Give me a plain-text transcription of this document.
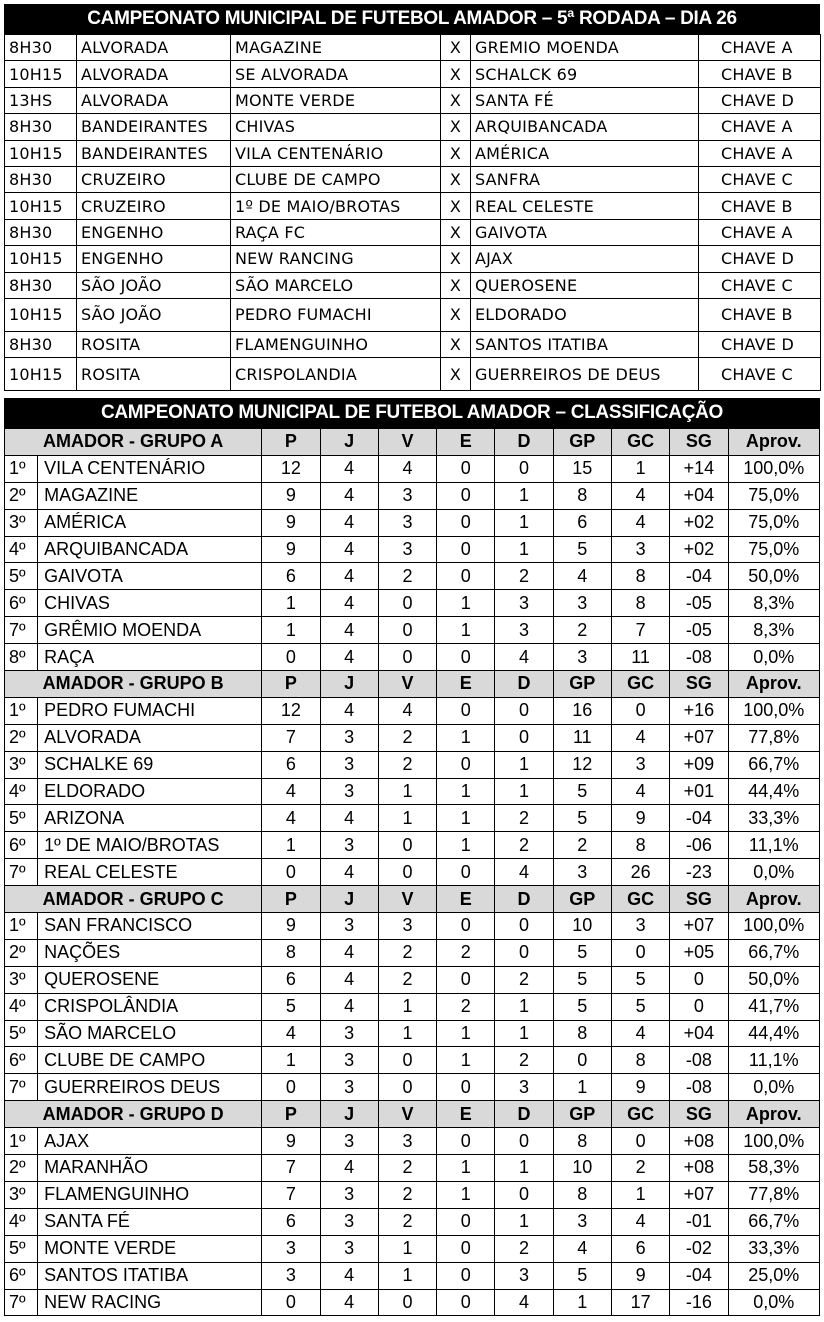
CAMPEONATO MUNICIPAL DE FUTEBOL AMADOR – 5ª RODADA – DIA 26
8H30	ALVORADA	MAGAZINE	X	GREMIO MOENDA	CHAVE A
10H15	ALVORADA	SE ALVORADA	X	SCHALCK 69	CHAVE B
13HS	ALVORADA	MONTE VERDE	X	SANTA FÉ	CHAVE D
8H30	BANDEIRANTES	CHIVAS	X	ARQUIBANCADA	CHAVE A
10H15	BANDEIRANTES	VILA CENTENÁRIO	X	AMÉRICA	CHAVE A
8H30	CRUZEIRO	CLUBE DE CAMPO	X	SANFRA	CHAVE C
10H15	CRUZEIRO	1º DE MAIO/BROTAS	X	REAL CELESTE	CHAVE B
8H30	ENGENHO	RAÇA FC	X	GAIVOTA	CHAVE A
10H15	ENGENHO	NEW RANCING	X	AJAX	CHAVE D
8H30	SÃO JOÃO	SÃO MARCELO	X	QUEROSENE	CHAVE C
10H15	SÃO JOÃO	PEDRO FUMACHI	X	ELDORADO	CHAVE B
8H30	ROSITA	FLAMENGUINHO	X	SANTOS ITATIBA	CHAVE D
10H15	ROSITA	CRISPOLANDIA	X	GUERREIROS DE DEUS	CHAVE C
CAMPEONATO MUNICIPAL DE FUTEBOL AMADOR – CLASSIFICAÇÃO
AMADOR - GRUPO A		P	J	V	E	D	GP	GC	SG	Aprov.
1º	VILA CENTENÁRIO	12	4	4	0	0	15	1	+14	100,0%
2º	MAGAZINE	9	4	3	0	1	8	4	+04	75,0%
3º	AMÉRICA	9	4	3	0	1	6	4	+02	75,0%
4º	ARQUIBANCADA	9	4	3	0	1	5	3	+02	75,0%
5º	GAIVOTA	6	4	2	0	2	4	8	-04	50,0%
6º	CHIVAS	1	4	0	1	3	3	8	-05	8,3%
7º	GRÊMIO MOENDA	1	4	0	1	3	2	7	-05	8,3%
8º	RAÇA	0	4	0	0	4	3	11	-08	0,0%
AMADOR - GRUPO B		P	J	V	E	D	GP	GC	SG	Aprov.
1º	PEDRO FUMACHI	12	4	4	0	0	16	0	+16	100,0%
2º	ALVORADA	7	3	2	1	0	11	4	+07	77,8%
3º	SCHALKE 69	6	3	2	0	1	12	3	+09	66,7%
4º	ELDORADO	4	3	1	1	1	5	4	+01	44,4%
5º	ARIZONA	4	4	1	1	2	5	9	-04	33,3%
6º	1º DE MAIO/BROTAS	1	3	0	1	2	2	8	-06	11,1%
7º	REAL CELESTE	0	4	0	0	4	3	26	-23	0,0%
AMADOR - GRUPO C		P	J	V	E	D	GP	GC	SG	Aprov.
1º	SAN FRANCISCO	9	3	3	0	0	10	3	+07	100,0%
2º	NAÇÕES	8	4	2	2	0	5	0	+05	66,7%
3º	QUEROSENE	6	4	2	0	2	5	5	0	50,0%
4º	CRISPOLÂNDIA	5	4	1	2	1	5	5	0	41,7%
5º	SÃO MARCELO	4	3	1	1	1	8	4	+04	44,4%
6º	CLUBE DE CAMPO	1	3	0	1	2	0	8	-08	11,1%
7º	GUERREIROS DEUS	0	3	0	0	3	1	9	-08	0,0%
AMADOR - GRUPO D		P	J	V	E	D	GP	GC	SG	Aprov.
1º	AJAX	9	3	3	0	0	8	0	+08	100,0%
2º	MARANHÃO	7	4	2	1	1	10	2	+08	58,3%
3º	FLAMENGUINHO	7	3	2	1	0	8	1	+07	77,8%
4º	SANTA FÉ	6	3	2	0	1	3	4	-01	66,7%
5º	MONTE VERDE	3	3	1	0	2	4	6	-02	33,3%
6º	SANTOS ITATIBA	3	4	1	0	3	5	9	-04	25,0%
7º	NEW RACING	0	4	0	0	4	1	17	-16	0,0%
